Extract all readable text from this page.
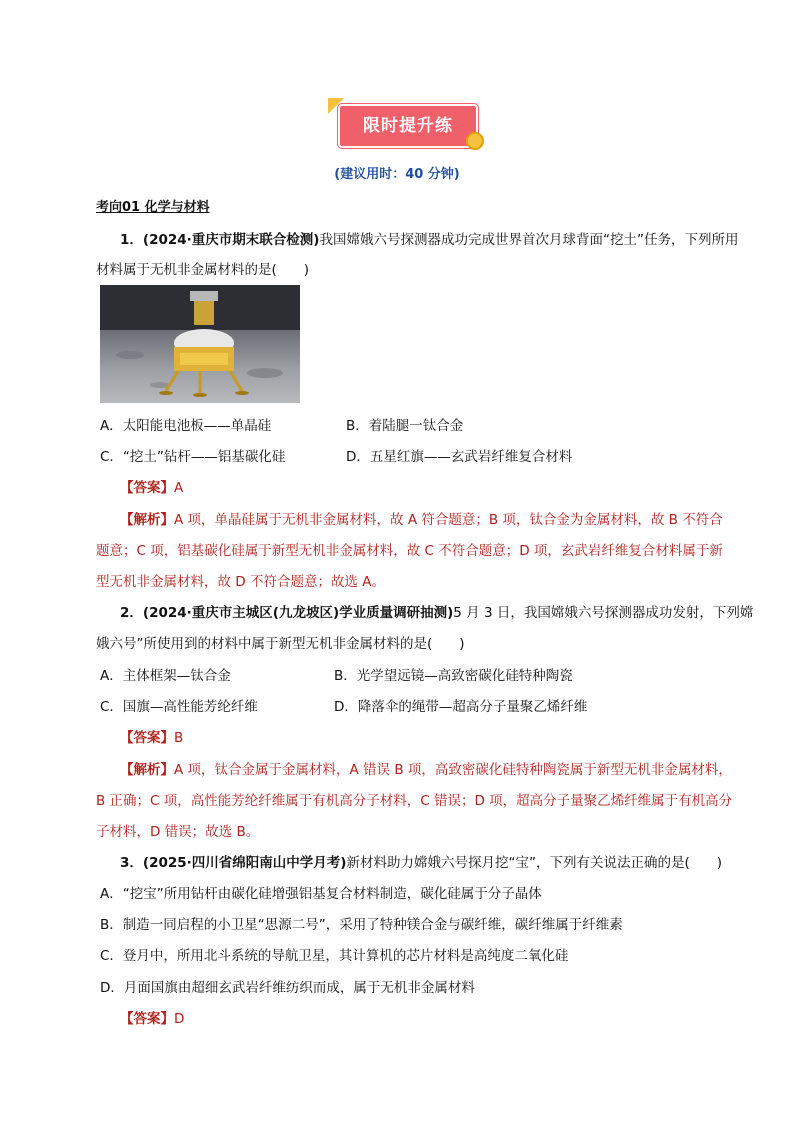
限时提升练
(建议用时：40 分钟)
考向01 化学与材料
1．(2024·重庆市期末联合检测)我国嫦娥六号探测器成功完成世界首次月球背面“挖土”任务，下列所用
材料属于无机非金属材料的是(　　)
A．太阳能电池板——单晶硅	B．着陆腿一钛合金
C．“挖土”钻杆——铝基碳化硅	D．五星红旗——玄武岩纤维复合材料
【答案】A
【解析】A 项，单晶硅属于无机非金属材料，故 A 符合题意；B 项，钛合金为金属材料，故 B 不符合
题意；C 项，铝基碳化硅属于新型无机非金属材料，故 C 不符合题意；D 项，玄武岩纤维复合材料属于新
型无机非金属材料，故 D 不符合题意；故选 A。
2．(2024·重庆市主城区(九龙坡区)学业质量调研抽测)5 月 3 日，我国嫦娥六号探测器成功发射，下列嫦
娥六号”所使用到的材料中属于新型无机非金属材料的是(　　)
A．主体框架—钛合金	B．光学望远镜—高致密碳化硅特种陶瓷
C．国旗—高性能芳纶纤维	D．降落伞的绳带—超高分子量聚乙烯纤维
【答案】B
【解析】A 项，钛合金属于金属材料，A 错误 B 项，高致密碳化硅特种陶瓷属于新型无机非金属材料，
B 正确；C 项，高性能芳纶纤维属于有机高分子材料，C 错误；D 项，超高分子量聚乙烯纤维属于有机高分
子材料，D 错误；故选 B。
3．(2025·四川省绵阳南山中学月考)新材料助力嫦娥六号探月挖“宝”，下列有关说法正确的是(　　)
A．“挖宝”所用钻杆由碳化硅增强铝基复合材料制造，碳化硅属于分子晶体
B．制造一同启程的小卫星“思源二号”，采用了特种镁合金与碳纤维，碳纤维属于纤维素
C．登月中，所用北斗系统的导航卫星，其计算机的芯片材料是高纯度二氧化硅
D．月面国旗由超细玄武岩纤维纺织而成，属于无机非金属材料
【答案】D
